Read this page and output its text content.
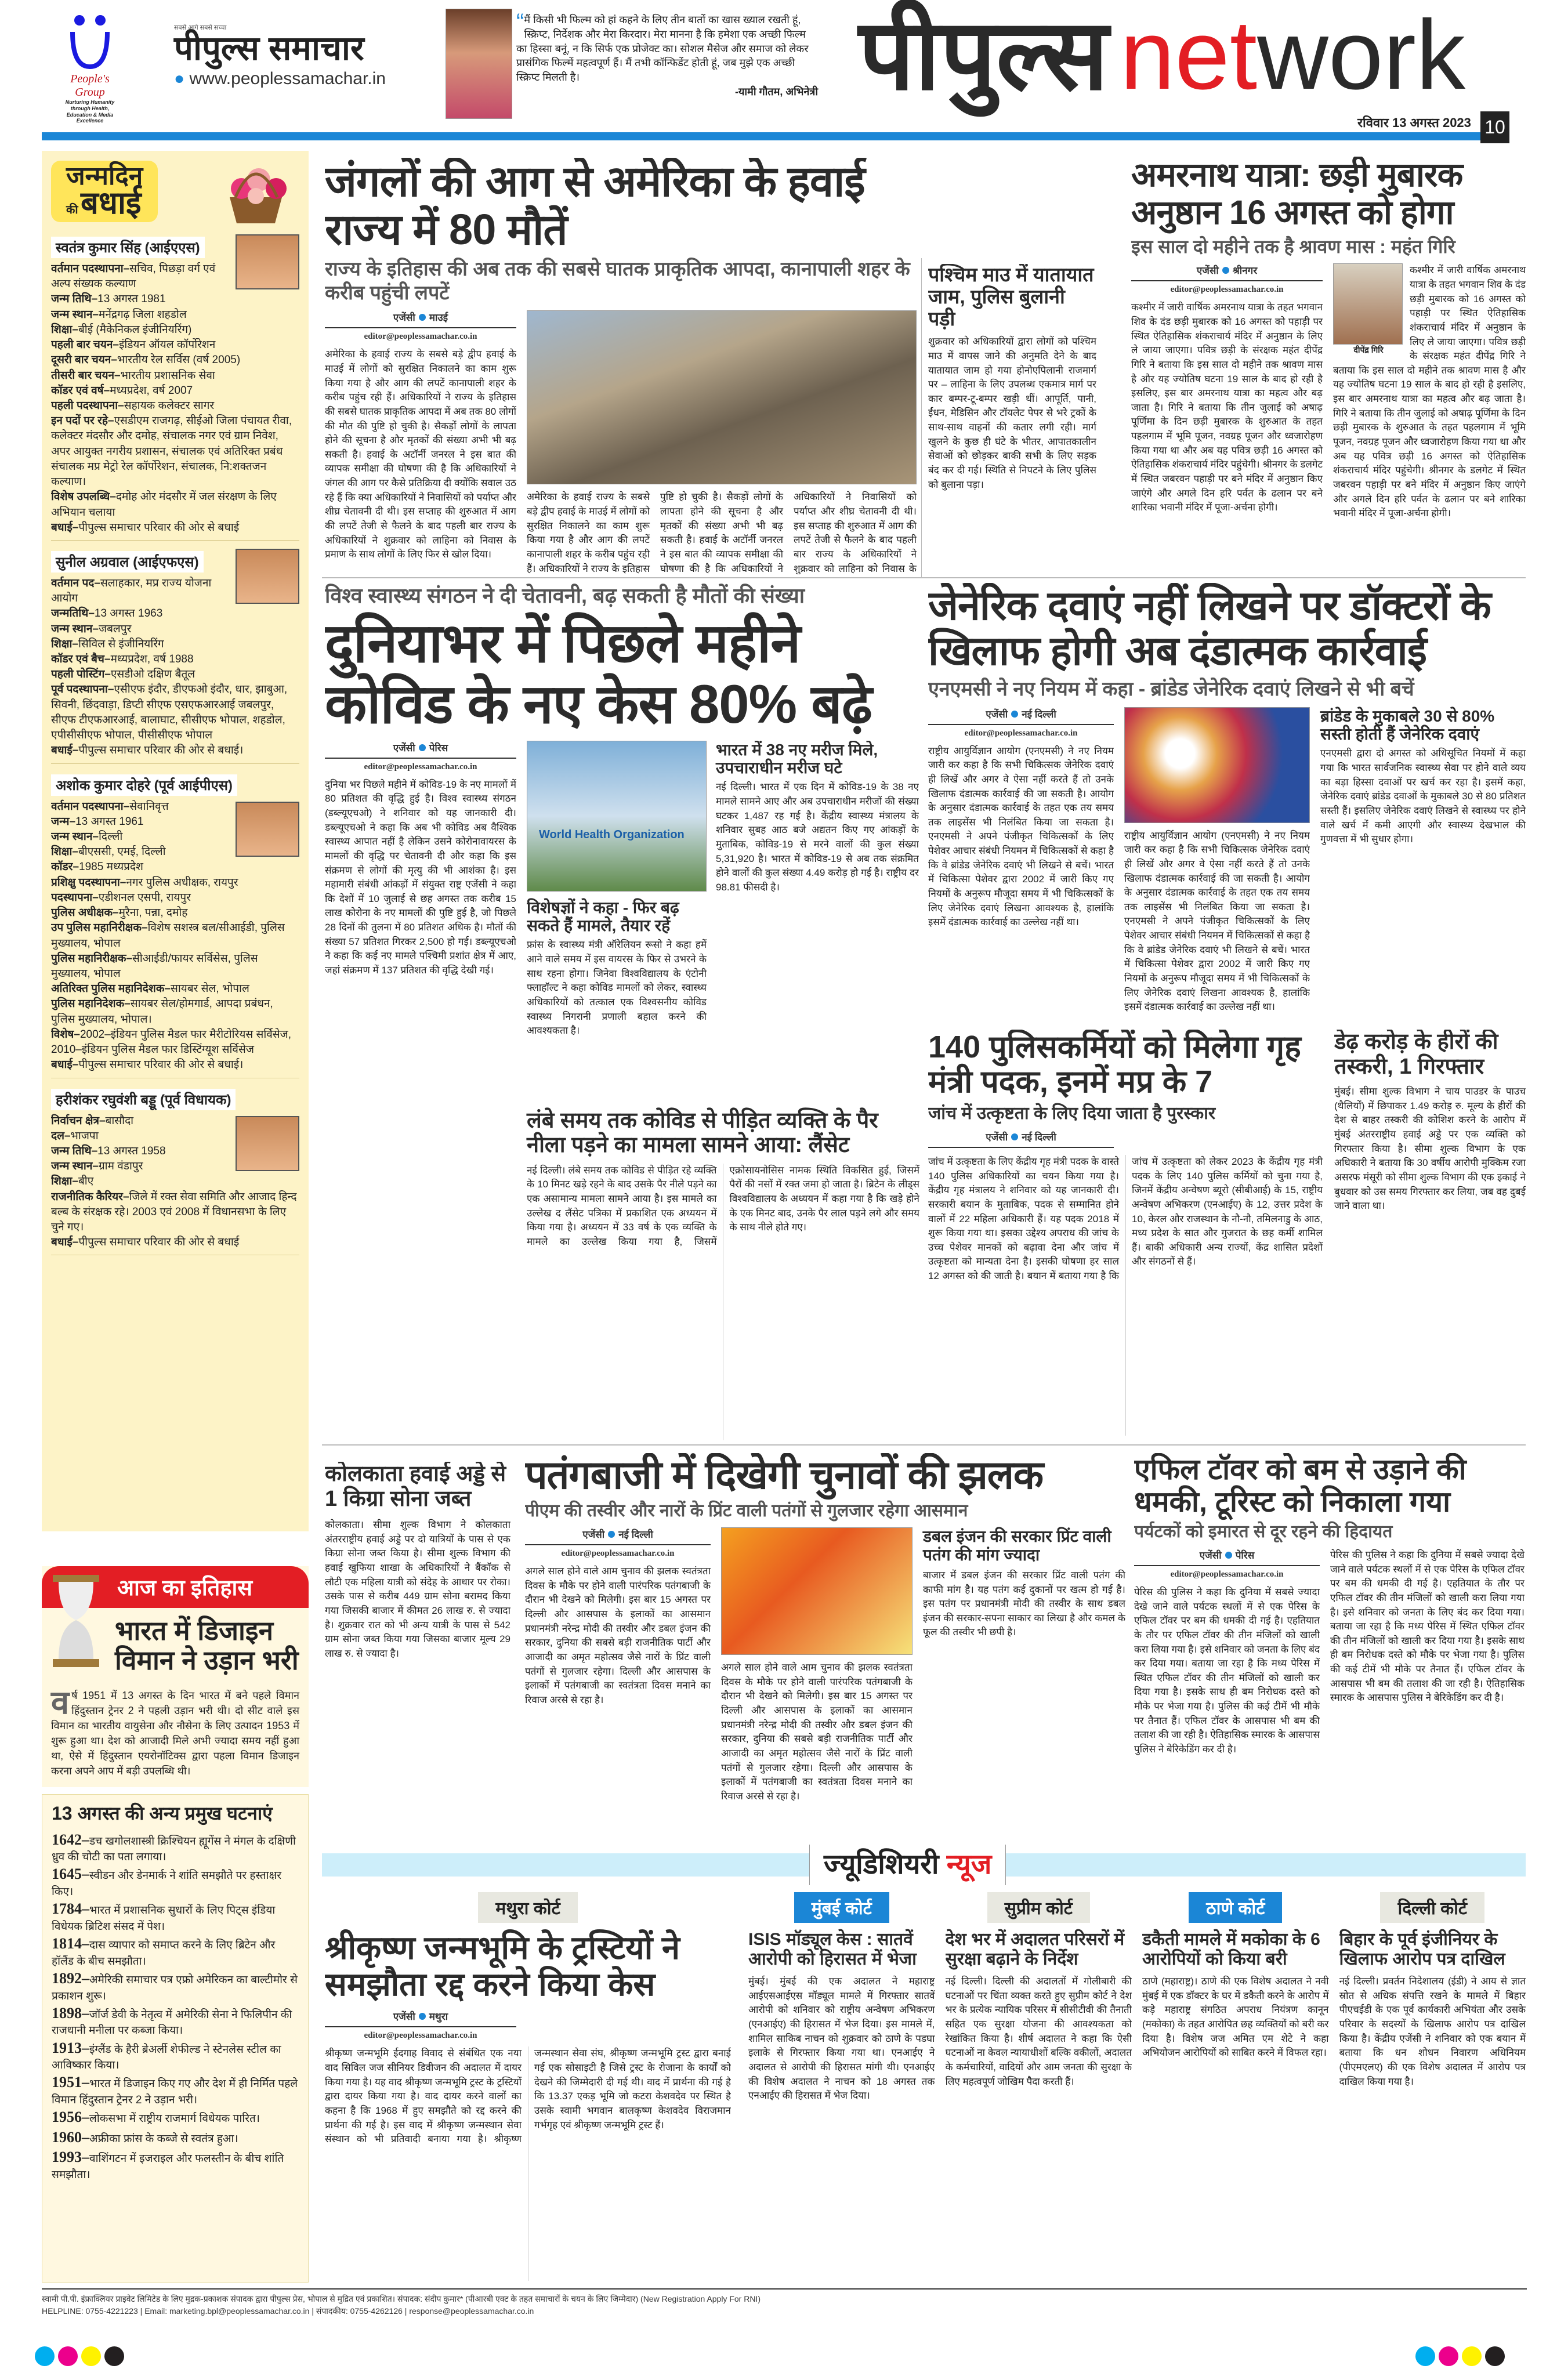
People's Group
Nurturing Humanity through Health, Education & Media Excellence
सबसे आगे सबसे सच्चा
पीपुल्स समाचार
● www.peoplessamachar.in
“ मैं किसी भी फिल्म को हां कहने के लिए तीन बातों का खास ख्याल रखती हूं, स्क्रिप्ट, निर्देशक और मेरा किरदार। मेरा मानना है कि हमेशा एक अच्छी फिल्म का हिस्सा बनूं, न कि सिर्फ एक प्रोजेक्ट का। सोशल मैसेज और समाज को लेकर प्रासंगिक फिल्में महत्वपूर्ण हैं। मैं तभी कॉन्फिडेंट होती हूं, जब मुझे एक अच्छी स्क्रिप्ट मिलती है।
-यामी गौतम, अभिनेत्री पीपुल्स network
रविवार 13 अगस्त 2023 10
जन्मदिन
की बधाई
स्वतंत्र कुमार सिंह (आईएएस)
वर्तमान पदस्थापना–सचिव, पिछड़ा वर्ग एवं अल्प संख्यक कल्याण
जन्म तिथि–13 अगस्त 1981
जन्म स्थान–मनेंद्रगढ़ जिला शहडोल
शिक्षा–बीई (मैकेनिकल इंजीनियरिंग)
पहली बार चयन–इंडियन ऑयल कॉर्पोरेशन
दूसरी बार चयन–भारतीय रेल सर्विस (वर्ष 2005)
तीसरी बार चयन–भारतीय प्रशासनिक सेवा
कॉडर एवं वर्ष–मध्यप्रदेश, वर्ष 2007
पहली पदस्थापना–सहायक कलेक्टर सागर
इन पदों पर रहे–एसडीएम राजगढ़, सीईओ जिला पंचायत रीवा, कलेक्टर मंदसौर और दमोह, संचालक नगर एवं ग्राम निवेश, अपर आयुक्त नगरीय प्रशासन, संचालक एवं अतिरिक्त प्रबंध संचालक मप्र मेट्रो रेल कॉर्पोरेशन, संचालक, नि:शक्तजन कल्याण।
विशेष उपलब्धि–दमोह ओर मंदसौर में जल संरक्षण के लिए अभियान चलाया
बधाई–पीपुल्स समाचार परिवार की ओर से बधाई
सुनील अग्रवाल (आईएफएस)
वर्तमान पद–सलाहकार, मप्र राज्य योजना आयोग
जन्मतिथि–13 अगस्त 1963
जन्म स्थान–जबलपुर
शिक्षा–सिविल से इंजीनियरिंग
कॉडर एवं बैच–मध्यप्रदेश, वर्ष 1988
पहली पोस्टिंग–एसडीओ दक्षिण बैतूल
पूर्व पदस्थापना–एसीएफ इंदौर, डीएफओ इंदौर, धार, झाबुआ, सिवनी, छिंदवाड़ा, डिप्टी सीएफ एसएफआरआई जबलपुर, सीएफ टीएफआरआई, बालाघाट, सीसीएफ भोपाल, शहडोल, एपीसीसीएफ भोपाल, पीसीसीएफ भोपाल
बधाई–पीपुल्स समाचार परिवार की ओर से बधाई।
अशोक कुमार दोहरे (पूर्व आईपीएस)
वर्तमान पदस्थापना–सेवानिवृत्त
जन्म–13 अगस्त 1961
जन्म स्थान–दिल्ली
शिक्षा–बीएससी, एमई, दिल्ली
कॉडर–1985 मध्यप्रदेश
प्रशिक्षु पदस्थापना–नगर पुलिस अधीक्षक, रायपुर
पदस्थापना–एडीशनल एसपी, रायपुर
पुलिस अधीक्षक–मुरैना, पन्ना, दमोह
उप पुलिस महानिरीक्षक–विशेष सशस्त्र बल/सीआईडी, पुलिस मुख्यालय, भोपाल
पुलिस महानिरीक्षक–सीआईडी/फायर सर्विसेस, पुलिस मुख्यालय, भोपाल
अतिरिक्त पुलिस महानिदेशक–सायबर सेल, भोपाल
पुलिस महानिदेशक–सायबर सेल/होमगार्ड, आपदा प्रबंधन, पुलिस मुख्यालय, भोपाल।
विशेष–2002–इंडियन पुलिस मैडल फार मैरीटोरियस सर्विसेज, 2010–इंडियन पुलिस मैडल फार डिस्टिंग्यूश सर्विसेज
बधाई–पीपुल्स समाचार परिवार की ओर से बधाई।
हरीशंकर रघुवंशी बड्डू (पूर्व विधायक)
निर्वाचन क्षेत्र–बासौदा
दल–भाजपा
जन्म तिथि–13 अगस्त 1958
जन्म स्थान–ग्राम वंडापुर
शिक्षा–बीए
राजनीतिक कैरियर–जिले में रक्त सेवा समिति और आजाद हिन्द बल्ब के संरक्षक रहे। 2003 एवं 2008 में विधानसभा के लिए चुने गए।
बधाई–पीपुल्स समाचार परिवार की ओर से बधाई
आज का इतिहास
भारत में डिजाइन विमान ने उड़ान भरी
वर्ष 1951 में 13 अगस्त के दिन भारत में बने पहले विमान हिंदुस्तान ट्रेनर 2 ने पहली उड़ान भरी थी। दो सीट वाले इस विमान का भारतीय वायुसेना और नौसेना के लिए उत्पादन 1953 में शुरू हुआ था। देश को आजादी मिले अभी ज्यादा समय नहीं हुआ था, ऐसे में हिंदुस्तान एयरोनॉटिक्स द्वारा पहला विमान डिजाइन करना अपने आप में बड़ी उपलब्धि थी।
13 अगस्त की अन्य प्रमुख घटनाएं
1642–डच खगोलशास्त्री क्रिश्चियन ह्यूगेंस ने मंगल के दक्षिणी ध्रुव की चोटी का पता लगाया।
1645–स्वीडन और डेनमार्क ने शांति समझौते पर हस्ताक्षर किए।
1784–भारत में प्रशासनिक सुधारों के लिए पिट्स इंडिया विधेयक ब्रिटिश संसद में पेश।
1814–दास व्यापार को समाप्त करने के लिए ब्रिटेन और हॉलैंड के बीच समझौता।
1892–अमेरिकी समाचार पत्र एफ्रो अमेरिकन का बाल्टीमोर से प्रकाशन शुरू।
1898–जॉर्ज डेवी के नेतृत्व में अमेरिकी सेना ने फिलिपीन की राजधानी मनीला पर कब्जा किया।
1913–इंग्लैंड के हैरी ब्रेअर्ली शेफील्ड ने स्टेनलेस स्टील का आविष्कार किया।
1951–भारत में डिजाइन किए गए और देश में ही निर्मित पहले विमान हिंदुस्तान ट्रेनर 2 ने उड़ान भरी।
1956–लोकसभा में राष्ट्रीय राजमार्ग विधेयक पारित।
1960–अफ्रीका फ्रांस के कब्जे से स्वतंत्र हुआ।
1993–वाशिंगटन में इजराइल और फलस्तीन के बीच शांति समझौता।
जंगलों की आग से अमेरिका के हवाई राज्य में 80 मौतें
राज्य के इतिहास की अब तक की सबसे घातक प्राकृतिक आपदा, कानापाली शहर के करीब पहुंची लपटें
एजेंसी माउई
editor@peoplessamachar.co.in
अमेरिका के हवाई राज्य के सबसे बड़े द्वीप हवाई के माउई में लोगों को सुरक्षित निकालने का काम शुरू किया गया है और आग की लपटें कानापाली शहर के करीब पहुंच रही हैं। अधिकारियों ने राज्य के इतिहास की सबसे घातक प्राकृतिक आपदा में अब तक 80 लोगों की मौत की पुष्टि हो चुकी है। सैकड़ों लोगों के लापता होने की सूचना है और मृतकों की संख्या अभी भी बढ़ सकती है। हवाई के अटॉर्नी जनरल ने इस बात की व्यापक समीक्षा की घोषणा की है कि अधिकारियों ने जंगल की आग पर कैसे प्रतिक्रिया दी क्योंकि सवाल उठ रहे हैं कि क्या अधिकारियों ने निवासियों को पर्याप्त और शीघ्र चेतावनी दी थी। इस सप्ताह की शुरुआत में आग की लपटें तेजी से फैलने के बाद पहली बार राज्य के अधिकारियों ने शुक्रवार को लाहिना को निवास के प्रमाण के साथ लोगों के लिए फिर से खोल दिया।
अमेरिका के हवाई राज्य के सबसे बड़े द्वीप हवाई के माउई में लोगों को सुरक्षित निकालने का काम शुरू किया गया है और आग की लपटें कानापाली शहर के करीब पहुंच रही हैं। अधिकारियों ने राज्य के इतिहास पुष्टि हो चुकी है। सैकड़ों लोगों के लापता होने की सूचना है और मृतकों की संख्या अभी भी बढ़ सकती है। हवाई के अटॉर्नी जनरल ने इस बात की व्यापक समीक्षा की घोषणा की है कि अधिकारियों ने अधिकारियों ने निवासियों को पर्याप्त और शीघ्र चेतावनी दी थी। इस सप्ताह की शुरुआत में आग की लपटें तेजी से फैलने के बाद पहली बार राज्य के अधिकारियों ने शुक्रवार को लाहिना को निवास के
पश्चिम माउ में यातायात जाम, पुलिस बुलानी पड़ी
शुक्रवार को अधिकारियों द्वारा लोगों को पश्चिम माउ में वापस जाने की अनुमति देने के बाद यातायात जाम हो गया होनोएपिलानी राजमार्ग पर – लाहिना के लिए उपलब्ध एकमात्र मार्ग पर कार बम्पर-टू-बम्पर खड़ी थीं। आपूर्ति, पानी, ईंधन, मेडिसिन और टॉयलेट पेपर से भरे ट्रकों के साथ-साथ वाहनों की कतार लगी रही। मार्ग खुलने के कुछ ही घंटे के भीतर, आपातकालीन सेवाओं को छोड़कर बाकी सभी के लिए सड़क बंद कर दी गई। स्थिति से निपटने के लिए पुलिस को बुलाना पड़ा।
अमरनाथ यात्रा: छड़ी मुबारक अनुष्ठान 16 अगस्त को होगा
इस साल दो महीने तक है श्रावण मास : महंत गिरि
एजेंसी श्रीनगर
editor@peoplessamachar.co.in
कश्मीर में जारी वार्षिक अमरनाथ यात्रा के तहत भगवान शिव के दंड छड़ी मुबारक को 16 अगस्त को पहाड़ी पर स्थित ऐतिहासिक शंकराचार्य मंदिर में अनुष्ठान के लिए ले जाया जाएगा। पवित्र छड़ी के संरक्षक महंत दीपेंद्र गिरि ने बताया कि इस साल दो महीने तक श्रावण मास है और यह ज्योतिष घटना 19 साल के बाद हो रही है इसलिए, इस बार अमरनाथ यात्रा का महत्व और बढ़ जाता है। गिरि ने बताया कि तीन जुलाई को अषाढ़ पूर्णिमा के दिन छड़ी मुबारक के शुरुआत के तहत पहलगाम में भूमि पूजन, नवग्रह पूजन और ध्वजारोहण किया गया था और अब यह पवित्र छड़ी 16 अगस्त को ऐतिहासिक शंकराचार्य मंदिर पहुंचेगी। श्रीनगर के डलगेट में स्थित जबरवन पहाड़ी पर बने मंदिर में अनुष्ठान किए जाएंगे और अगले दिन हरि पर्वत के ढलान पर बने शारिका भवानी मंदिर में पूजा-अर्चना होगी।
दीपेंद्र गिरि
कश्मीर में जारी वार्षिक अमरनाथ यात्रा के तहत भगवान शिव के दंड छड़ी मुबारक को 16 अगस्त को पहाड़ी पर स्थित ऐतिहासिक शंकराचार्य मंदिर में अनुष्ठान के लिए ले जाया जाएगा। पवित्र छड़ी के संरक्षक महंत दीपेंद्र गिरि ने बताया कि इस साल दो महीने तक श्रावण मास है और यह ज्योतिष घटना 19 साल के बाद हो रही है इसलिए, इस बार अमरनाथ यात्रा का महत्व और बढ़ जाता है। गिरि ने बताया कि तीन जुलाई को अषाढ़ पूर्णिमा के दिन छड़ी मुबारक के शुरुआत के तहत पहलगाम में भूमि पूजन, नवग्रह पूजन और ध्वजारोहण किया गया था और अब यह पवित्र छड़ी 16 अगस्त को ऐतिहासिक शंकराचार्य मंदिर पहुंचेगी। श्रीनगर के डलगेट में स्थित जबरवन पहाड़ी पर बने मंदिर में अनुष्ठान किए जाएंगे और अगले दिन हरि पर्वत के ढलान पर बने शारिका भवानी मंदिर में पूजा-अर्चना होगी।
विश्व स्वास्थ्य संगठन ने दी चेतावनी, बढ़ सकती है मौतों की संख्या
दुनियाभर में पिछले महीने कोविड के नए केस 80% बढ़े
एजेंसी पेरिस
editor@peoplessamachar.co.in
दुनिया भर पिछले महीने में कोविड-19 के नए मामलों में 80 प्रतिशत की वृद्धि हुई है। विश्व स्वास्थ्य संगठन (डब्ल्यूएचओ) ने शनिवार को यह जानकारी दी। डब्ल्यूएचओ ने कहा कि अब भी कोविड अब वैश्विक स्वास्थ्य आपात नहीं है लेकिन उसने कोरोनावायरस के मामलों की वृद्धि पर चेतावनी दी और कहा कि इस संक्रमण से लोगों की मृत्यु की भी आशंका है। इस महामारी संबंधी आंकड़ों में संयुक्त राष्ट्र एजेंसी ने कहा कि देशों में 10 जुलाई से छह अगस्त तक करीब 15 लाख कोरोना के नए मामलों की पुष्टि हुई है, जो पिछले 28 दिनों की तुलना में 80 प्रतिशत अधिक है। मौतों की संख्या 57 प्रतिशत गिरकर 2,500 हो गई। डब्ल्यूएचओ ने कहा कि कई नए मामले पश्चिमी प्रशांत क्षेत्र में आए, जहां संक्रमण में 137 प्रतिशत की वृद्धि देखी गई।
World Health Organization
विशेषज्ञों ने कहा - फिर बढ़ सकते हैं मामले, तैयार रहें
फ्रांस के स्वास्थ्य मंत्री ऑरेलियन रूसो ने कहा हमें आने वाले समय में इस वायरस के फिर से उभरने के साथ रहना होगा। जिनेवा विश्वविद्यालय के एंटोनी फ्लाहॉल्ट ने कहा कोविड मामलों को लेकर, स्वास्थ्य अधिकारियों को तत्काल एक विश्वसनीय कोविड स्वास्थ्य निगरानी प्रणाली बहाल करने की आवश्यकता है।
भारत में 38 नए मरीज मिले, उपचाराधीन मरीज घटे
नई दिल्ली। भारत में एक दिन में कोविड-19 के 38 नए मामले सामने आए और अब उपचाराधीन मरीजों की संख्या घटकर 1,487 रह गई है। केंद्रीय स्वास्थ्य मंत्रालय के शनिवार सुबह आठ बजे अद्यतन किए गए आंकड़ों के मुताबिक, कोविड-19 से मरने वालों की कुल संख्या 5,31,920 है। भारत में कोविड-19 से अब तक संक्रमित होने वालों की कुल संख्या 4.49 करोड़ हो गई है। राष्ट्रीय दर 98.81 फीसदी है।
लंबे समय तक कोविड से पीड़ित व्यक्ति के पैर नीला पड़ने का मामला सामने आया: लैंसेट
नई दिल्ली। लंबे समय तक कोविड से पीड़ित रहे व्यक्ति के 10 मिनट खड़े रहने के बाद उसके पैर नीले पड़ने का एक असामान्य मामला सामने आया है। इस मामले का उल्लेख द लैंसेट पत्रिका में प्रकाशित एक अध्ययन में किया गया है। अध्ययन में 33 वर्ष के एक व्यक्ति के मामले का उल्लेख किया गया है, जिसमें एक्रोसायनोसिस नामक स्थिति विकसित हुई, जिसमें पैरों की नसों में रक्त जमा हो जाता है। ब्रिटेन के लीड्स विश्वविद्यालय के अध्ययन में कहा गया है कि खड़े होने के एक मिनट बाद, उनके पैर लाल पड़ने लगे और समय के साथ नीले होते गए।
जेनेरिक दवाएं नहीं लिखने पर डॉक्टरों के खिलाफ होगी अब दंडात्मक कार्रवाई
एनएमसी ने नए नियम में कहा - ब्रांडेड जेनेरिक दवाएं लिखने से भी बचें
एजेंसी नई दिल्ली
editor@peoplessamachar.co.in
राष्ट्रीय आयुर्विज्ञान आयोग (एनएमसी) ने नए नियम जारी कर कहा है कि सभी चिकित्सक जेनेरिक दवाएं ही लिखें और अगर वे ऐसा नहीं करते हैं तो उनके खिलाफ दंडात्मक कार्रवाई की जा सकती है। आयोग के अनुसार दंडात्मक कार्रवाई के तहत एक तय समय तक लाइसेंस भी निलंबित किया जा सकता है। एनएमसी ने अपने पंजीकृत चिकित्सकों के लिए पेशेवर आचार संबंधी नियमन में चिकित्सकों से कहा है कि वे ब्रांडेड जेनेरिक दवाएं भी लिखने से बचें। भारत में चिकित्सा पेशेवर द्वारा 2002 में जारी किए गए नियमों के अनुरूप मौजूदा समय में भी चिकित्सकों के लिए जेनेरिक दवाएं लिखना आवश्यक है, हालांकि इसमें दंडात्मक कार्रवाई का उल्लेख नहीं था।
राष्ट्रीय आयुर्विज्ञान आयोग (एनएमसी) ने नए नियम जारी कर कहा है कि सभी चिकित्सक जेनेरिक दवाएं ही लिखें और अगर वे ऐसा नहीं करते हैं तो उनके खिलाफ दंडात्मक कार्रवाई की जा सकती है। आयोग के अनुसार दंडात्मक कार्रवाई के तहत एक तय समय तक लाइसेंस भी निलंबित किया जा सकता है। एनएमसी ने अपने पंजीकृत चिकित्सकों के लिए पेशेवर आचार संबंधी नियमन में चिकित्सकों से कहा है कि वे ब्रांडेड जेनेरिक दवाएं भी लिखने से बचें। भारत में चिकित्सा पेशेवर द्वारा 2002 में जारी किए गए नियमों के अनुरूप मौजूदा समय में भी चिकित्सकों के लिए जेनेरिक दवाएं लिखना आवश्यक है, हालांकि इसमें दंडात्मक कार्रवाई का उल्लेख नहीं था।
ब्रांडेड के मुकाबले 30 से 80% सस्ती होती हैं जेनेरिक दवाएं
एनएमसी द्वारा दो अगस्त को अधिसूचित नियमों में कहा गया कि भारत सार्वजनिक स्वास्थ्य सेवा पर होने वाले व्यय का बड़ा हिस्सा दवाओं पर खर्च कर रहा है। इसमें कहा, जेनेरिक दवाएं ब्रांडेड दवाओं के मुकाबले 30 से 80 प्रतिशत सस्ती हैं। इसलिए जेनेरिक दवाएं लिखने से स्वास्थ्य पर होने वाले खर्च में कमी आएगी और स्वास्थ्य देखभाल की गुणवत्ता में भी सुधार होगा।
140 पुलिसकर्मियों को मिलेगा गृह मंत्री पदक, इनमें मप्र के 7
जांच में उत्कृष्टता के लिए दिया जाता है पुरस्कार
एजेंसी नई दिल्ली
जांच में उत्कृष्टता के लिए केंद्रीय गृह मंत्री पदक के वास्ते 140 पुलिस अधिकारियों का चयन किया गया है। केंद्रीय गृह मंत्रालय ने शनिवार को यह जानकारी दी। सरकारी बयान के मुताबिक, पदक से सम्मानित होने वालों में 22 महिला अधिकारी हैं। यह पदक 2018 में शुरू किया गया था। इसका उद्देश्य अपराध की जांच के उच्च पेशेवर मानकों को बढ़ावा देना और जांच में उत्कृष्टता को मान्यता देना है। इसकी घोषणा हर साल 12 अगस्त को की जाती है। बयान में बताया गया है कि जांच में उत्कृष्टता को लेकर 2023 के केंद्रीय गृह मंत्री पदक के लिए 140 पुलिस कर्मियों को चुना गया है, जिनमें केंद्रीय अन्वेषण ब्यूरो (सीबीआई) के 15, राष्ट्रीय अन्वेषण अभिकरण (एनआईए) के 12, उत्तर प्रदेश के 10, केरल और राजस्थान के नौ-नौ, तमिलनाडु के आठ, मध्य प्रदेश के सात और गुजरात के छह कर्मी शामिल हैं। बाकी अधिकारी अन्य राज्यों, केंद्र शासित प्रदेशों और संगठनों से हैं।
डेढ़ करोड़ के हीरों की तस्करी, 1 गिरफ्तार
मुंबई। सीमा शुल्क विभाग ने चाय पाउडर के पाउच (थैलियों) में छिपाकर 1.49 करोड़ रु. मूल्य के हीरों की देश से बाहर तस्करी की कोशिश करने के आरोप में मुंबई अंतरराष्ट्रीय हवाई अड्डे पर एक व्यक्ति को गिरफ्तार किया है। सीमा शुल्क विभाग के एक अधिकारी ने बताया कि 30 वर्षीय आरोपी मुक्किम रजा असरफ मंसूरी को सीमा शुल्क विभाग की एक इकाई ने बुधवार को उस समय गिरफ्तार कर लिया, जब वह दुबई जाने वाला था।
कोलकाता हवाई अड्डे से 1 किग्रा सोना जब्त
कोलकाता। सीमा शुल्क विभाग ने कोलकाता अंतरराष्ट्रीय हवाई अड्डे पर दो यात्रियों के पास से एक किग्रा सोना जब्त किया है। सीमा शुल्क विभाग की हवाई खुफिया शाखा के अधिकारियों ने बैंकॉक से लौटी एक महिला यात्री को संदेह के आधार पर रोका। उसके पास से करीब 449 ग्राम सोना बरामद किया गया जिसकी बाजार में कीमत 26 लाख रु. से ज्यादा है। शुक्रवार रात को भी अन्य यात्री के पास से 542 ग्राम सोना जब्त किया गया जिसका बाजार मूल्य 29 लाख रु. से ज्यादा है।
पतंगबाजी में दिखेगी चुनावों की झलक
पीएम की तस्वीर और नारों के प्रिंट वाली पतंगों से गुलजार रहेगा आसमान
एजेंसी नई दिल्ली
editor@peoplessamachar.co.in
अगले साल होने वाले आम चुनाव की झलक स्वतंत्रता दिवस के मौके पर होने वाली पारंपरिक पतंगबाजी के दौरान भी देखने को मिलेगी। इस बार 15 अगस्त पर दिल्ली और आसपास के इलाकों का आसमान प्रधानमंत्री नरेन्द्र मोदी की तस्वीर और डबल इंजन की सरकार, दुनिया की सबसे बड़ी राजनीतिक पार्टी और आजादी का अमृत महोत्सव जैसे नारों के प्रिंट वाली पतंगों से गुलजार रहेगा। दिल्ली और आसपास के इलाकों में पतंगबाजी का स्वतंत्रता दिवस मनाने का रिवाज अरसे से रहा है।
अगले साल होने वाले आम चुनाव की झलक स्वतंत्रता दिवस के मौके पर होने वाली पारंपरिक पतंगबाजी के दौरान भी देखने को मिलेगी। इस बार 15 अगस्त पर दिल्ली और आसपास के इलाकों का आसमान प्रधानमंत्री नरेन्द्र मोदी की तस्वीर और डबल इंजन की सरकार, दुनिया की सबसे बड़ी राजनीतिक पार्टी और आजादी का अमृत महोत्सव जैसे नारों के प्रिंट वाली पतंगों से गुलजार रहेगा। दिल्ली और आसपास के इलाकों में पतंगबाजी का स्वतंत्रता दिवस मनाने का रिवाज अरसे से रहा है।
डबल इंजन की सरकार प्रिंट वाली पतंग की मांग ज्यादा
बाजार में डबल इंजन की सरकार प्रिंट वाली पतंग की काफी मांग है। यह पतंग कई दुकानों पर खत्म हो गई है। इस पतंग पर प्रधानमंत्री मोदी की तस्वीर के साथ डबल इंजन की सरकार-सपना साकार का लिखा है और कमल के फूल की तस्वीर भी छपी है।
एफिल टॉवर को बम से उड़ाने की धमकी, टूरिस्ट को निकाला गया
पर्यटकों को इमारत से दूर रहने की हिदायत
एजेंसी पेरिस
editor@peoplessamachar.co.in
पेरिस की पुलिस ने कहा कि दुनिया में सबसे ज्यादा देखे जाने वाले पर्यटक स्थलों में से एक पेरिस के एफिल टॉवर पर बम की धमकी दी गई है। एहतियात के तौर पर एफिल टॉवर की तीन मंजिलों को खाली करा लिया गया है। इसे शनिवार को जनता के लिए बंद कर दिया गया। बताया जा रहा है कि मध्य पेरिस में स्थित एफिल टॉवर की तीन मंजिलों को खाली कर दिया गया है। इसके साथ ही बम निरोधक दस्ते को मौके पर भेजा गया है। पुलिस की कई टीमें भी मौके पर तैनात हैं। एफिल टॉवर के आसपास भी बम की तलाश की जा रही है। ऐतिहासिक स्मारक के आसपास पुलिस ने बेरिकेडिंग कर दी है।
पेरिस की पुलिस ने कहा कि दुनिया में सबसे ज्यादा देखे जाने वाले पर्यटक स्थलों में से एक पेरिस के एफिल टॉवर पर बम की धमकी दी गई है। एहतियात के तौर पर एफिल टॉवर की तीन मंजिलों को खाली करा लिया गया है। इसे शनिवार को जनता के लिए बंद कर दिया गया। बताया जा रहा है कि मध्य पेरिस में स्थित एफिल टॉवर की तीन मंजिलों को खाली कर दिया गया है। इसके साथ ही बम निरोधक दस्ते को मौके पर भेजा गया है। पुलिस की कई टीमें भी मौके पर तैनात हैं। एफिल टॉवर के आसपास भी बम की तलाश की जा रही है। ऐतिहासिक स्मारक के आसपास पुलिस ने बेरिकेडिंग कर दी है।
ज्यूडिशियरी न्यूज
मथुरा कोर्ट
श्रीकृष्ण जन्मभूमि के ट्रस्टियों ने समझौता रद्द करने किया केस
एजेंसी मथुरा
editor@peoplessamachar.co.in
श्रीकृष्ण जन्मभूमि ईदगाह विवाद से संबंधित एक नया वाद सिविल जज सीनियर डिवीजन की अदालत में दायर किया गया है। यह वाद श्रीकृष्ण जन्मभूमि ट्रस्ट के ट्रस्टियों द्वारा दायर किया गया है। वाद दायर करने वालों का कहना है कि 1968 में हुए समझौते को रद्द करने की प्रार्थना की गई है। इस वाद में श्रीकृष्ण जन्मस्थान सेवा संस्थान को भी प्रतिवादी बनाया गया है। श्रीकृष्ण जन्मस्थान सेवा संघ, श्रीकृष्ण जन्मभूमि ट्रस्ट द्वारा बनाई गई एक सोसाइटी है जिसे ट्रस्ट के रोजाना के कार्यों को देखने की जिम्मेदारी दी गई थी। वाद में प्रार्थना की गई है कि 13.37 एकड़ भूमि जो कटरा केशवदेव पर स्थित है उसके स्वामी भगवान बालकृष्ण केशवदेव विराजमान गर्भगृह एवं श्रीकृष्ण जन्मभूमि ट्रस्ट हैं।
मुंबई कोर्ट
ISIS मॉड्यूल केस : सातवें आरोपी को हिरासत में भेजा
मुंबई। मुंबई की एक अदालत ने महाराष्ट्र आईएसआईएस मॉड्यूल मामले में गिरफ्तार सातवें आरोपी को शनिवार को राष्ट्रीय अन्वेषण अभिकरण (एनआईए) की हिरासत में भेज दिया। इस मामले में, शामिल साकिब नाचन को शुक्रवार को ठाणे के पडघा इलाके से गिरफ्तार किया गया था। एनआईए ने अदालत से आरोपी की हिरासत मांगी थी। एनआईए की विशेष अदालत ने नाचन को 18 अगस्त तक एनआईए की हिरासत में भेज दिया।
सुप्रीम कोर्ट
देश भर में अदालत परिसरों में सुरक्षा बढ़ाने के निर्देश
नई दिल्ली। दिल्ली की अदालतों में गोलीबारी की घटनाओं पर चिंता व्यक्त करते हुए सुप्रीम कोर्ट ने देश भर के प्रत्येक न्यायिक परिसर में सीसीटीवी की तैनाती सहित एक सुरक्षा योजना की आवश्यकता को रेखांकित किया है। शीर्ष अदालत ने कहा कि ऐसी घटनाओं ना केवल न्यायाधीशों बल्कि वकीलों, अदालत के कर्मचारियों, वादियों और आम जनता की सुरक्षा के लिए महत्वपूर्ण जोखिम पैदा करती हैं।
ठाणे कोर्ट
डकैती मामले में मकोका के 6 आरोपियों को किया बरी
ठाणे (महाराष्ट्र)। ठाणे की एक विशेष अदालत ने नवी मुंबई में एक डॉक्टर के घर में डकैती करने के आरोप में कड़े महाराष्ट्र संगठित अपराध नियंत्रण कानून (मकोका) के तहत आरोपित छह व्यक्तियों को बरी कर दिया है। विशेष जज अमित एम शेटे ने कहा अभियोजन आरोपियों को साबित करने में विफल रहा।
दिल्ली कोर्ट
बिहार के पूर्व इंजीनियर के खिलाफ आरोप पत्र दाखिल
नई दिल्ली। प्रवर्तन निदेशालय (ईडी) ने आय से ज्ञात स्रोत से अधिक संपत्ति रखने के मामले में बिहार पीएचईडी के एक पूर्व कार्यकारी अभियंता और उसके परिवार के सदस्यों के खिलाफ आरोप पत्र दाखिल किया है। केंद्रीय एजेंसी ने शनिवार को एक बयान में बताया कि धन शोधन निवारण अधिनियम (पीएमएलए) की एक विशेष अदालत में आरोप पत्र दाखिल किया गया है।
स्वामी पी.पी. इंफ्राक्लियर प्राइवेट लिमिटेड के लिए मुद्रक-प्रकाशक संपादक द्वारा पीपुल्स प्रेस, भोपाल से मुद्रित एवं प्रकाशित। संपादक: संदीप कुमार* (पीआरबी एक्ट के तहत समाचारों के चयन के लिए जिम्मेदार) (New Registration Apply For RNI)
HELPLINE: 0755-4221223 | Email: marketing.bpl@peoplessamachar.co.in | संपादकीय: 0755-4262126 | response@peoplessamachar.co.in
